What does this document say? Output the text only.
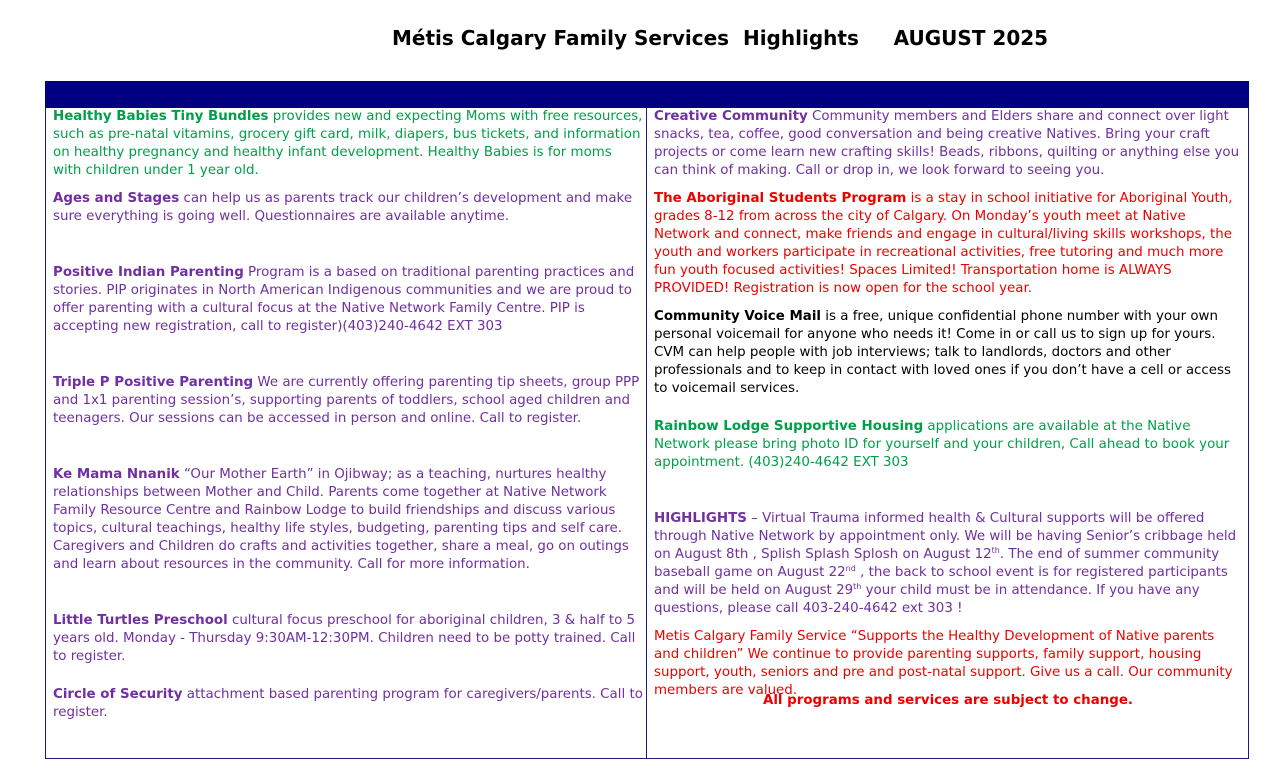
Métis Calgary Family Services  Highlights     AUGUST 2025
Healthy Babies Tiny Bundles provides new and expecting Moms with free resources, such as pre-natal vitamins, grocery gift card, milk, diapers, bus tickets, and information on healthy pregnancy and healthy infant development. Healthy Babies is for moms with children under 1 year old.
Ages and Stages can help us as parents track our children’s development and make sure everything is going well. Questionnaires are available anytime.
Positive Indian Parenting Program is a based on traditional parenting practices and stories. PIP originates in North American Indigenous communities and we are proud to offer parenting with a cultural focus at the Native Network Family Centre. PIP is accepting new registration, call to register)(403)240-4642 EXT 303
Triple P Positive Parenting We are currently offering parenting tip sheets, group PPP and 1x1 parenting session’s, supporting parents of toddlers, school aged children and teenagers. Our sessions can be accessed in person and online. Call to register.
Ke Mama Nnanik “Our Mother Earth” in Ojibway; as a teaching, nurtures healthy relationships between Mother and Child. Parents come together at Native Network Family Resource Centre and Rainbow Lodge to build friendships and discuss various topics, cultural teachings, healthy life styles, budgeting, parenting tips and self care. Caregivers and Children do crafts and activities together, share a meal, go on outings and learn about resources in the community. Call for more information.
Little Turtles Preschool cultural focus preschool for aboriginal children, 3 & half to 5 years old. Monday - Thursday 9:30AM-12:30PM. Children need to be potty trained. Call to register.
Circle of Security attachment based parenting program for caregivers/parents. Call to register.
Creative Community Community members and Elders share and connect over light snacks, tea, coffee, good conversation and being creative Natives. Bring your craft projects or come learn new crafting skills! Beads, ribbons, quilting or anything else you can think of making. Call or drop in, we look forward to seeing you.
The Aboriginal Students Program is a stay in school initiative for Aboriginal Youth, grades 8-12 from across the city of Calgary. On Monday’s youth meet at Native Network and connect, make friends and engage in cultural/living skills workshops, the youth and workers participate in recreational activities, free tutoring and much more fun youth focused activities! Spaces Limited! Transportation home is ALWAYS PROVIDED! Registration is now open for the school year.
Community Voice Mail is a free, unique confidential phone number with your own personal voicemail for anyone who needs it! Come in or call us to sign up for yours. CVM can help people with job interviews; talk to landlords, doctors and other professionals and to keep in contact with loved ones if you don’t have a cell or access to voicemail services.
Rainbow Lodge Supportive Housing applications are available at the Native Network please bring photo ID for yourself and your children, Call ahead to book your appointment. (403)240-4642 EXT 303
HIGHLIGHTS – Virtual Trauma informed health & Cultural supports will be offered through Native Network by appointment only. We will be having Senior’s cribbage held on August 8th , Splish Splash Splosh on August 12th. The end of summer community baseball game on August 22nd , the back to school event is for registered participants and will be held on August 29th your child must be in attendance. If you have any questions, please call 403-240-4642 ext 303 !
Metis Calgary Family Service “Supports the Healthy Development of Native parents and children” We continue to provide parenting supports, family support, housing support, youth, seniors and pre and post-natal support. Give us a call. Our community members are valued.
All programs and services are subject to change.
